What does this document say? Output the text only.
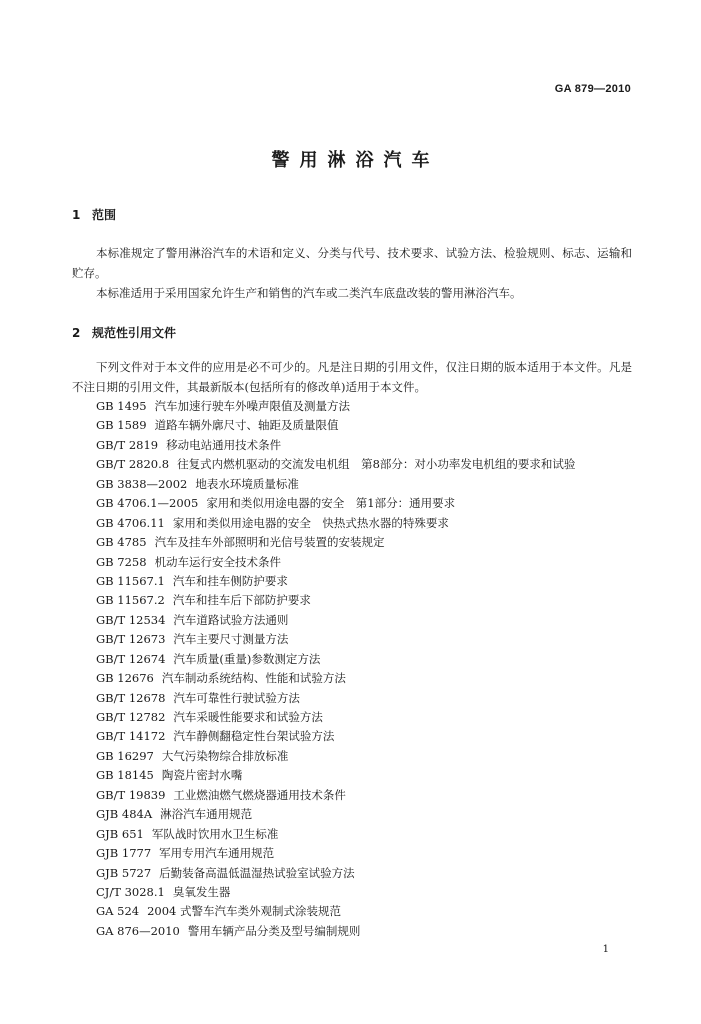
GA 879—2010
警用淋浴汽车
1 范围

本标准规定了警用淋浴汽车的术语和定义、分类与代号、技术要求、试验方法、检验规则、标志、运输和贮存。

本标准适用于采用国家允许生产和销售的汽车或二类汽车底盘改装的警用淋浴汽车。

2 规范性引用文件

下列文件对于本文件的应用是必不可少的。凡是注日期的引用文件，仅注日期的版本适用于本文件。凡是不注日期的引用文件，其最新版本(包括所有的修改单)适用于本文件。

GB 1495 汽车加速行驶车外噪声限值及测量方法
GB 1589 道路车辆外廓尺寸、轴距及质量限值
GB/T 2819 移动电站通用技术条件
GB/T 2820.8 往复式内燃机驱动的交流发电机组　第8部分：对小功率发电机组的要求和试验
GB 3838—2002 地表水环境质量标准
GB 4706.1—2005 家用和类似用途电器的安全　第1部分：通用要求
GB 4706.11 家用和类似用途电器的安全　快热式热水器的特殊要求
GB 4785 汽车及挂车外部照明和光信号装置的安装规定
GB 7258 机动车运行安全技术条件
GB 11567.1 汽车和挂车侧防护要求
GB 11567.2 汽车和挂车后下部防护要求
GB/T 12534 汽车道路试验方法通则
GB/T 12673 汽车主要尺寸测量方法
GB/T 12674 汽车质量(重量)参数测定方法
GB 12676 汽车制动系统结构、性能和试验方法
GB/T 12678 汽车可靠性行驶试验方法
GB/T 12782 汽车采暖性能要求和试验方法
GB/T 14172 汽车静侧翻稳定性台架试验方法
GB 16297 大气污染物综合排放标准
GB 18145 陶瓷片密封水嘴
GB/T 19839 工业燃油燃气燃烧器通用技术条件
GJB 484A 淋浴汽车通用规范
GJB 651 军队战时饮用水卫生标准
GJB 1777 军用专用汽车通用规范
GJB 5727 后勤装备高温低温湿热试验室试验方法
CJ/T 3028.1 臭氧发生器
GA 524 2004 式警车汽车类外观制式涂装规范
GA 876—2010 警用车辆产品分类及型号编制规则
1
